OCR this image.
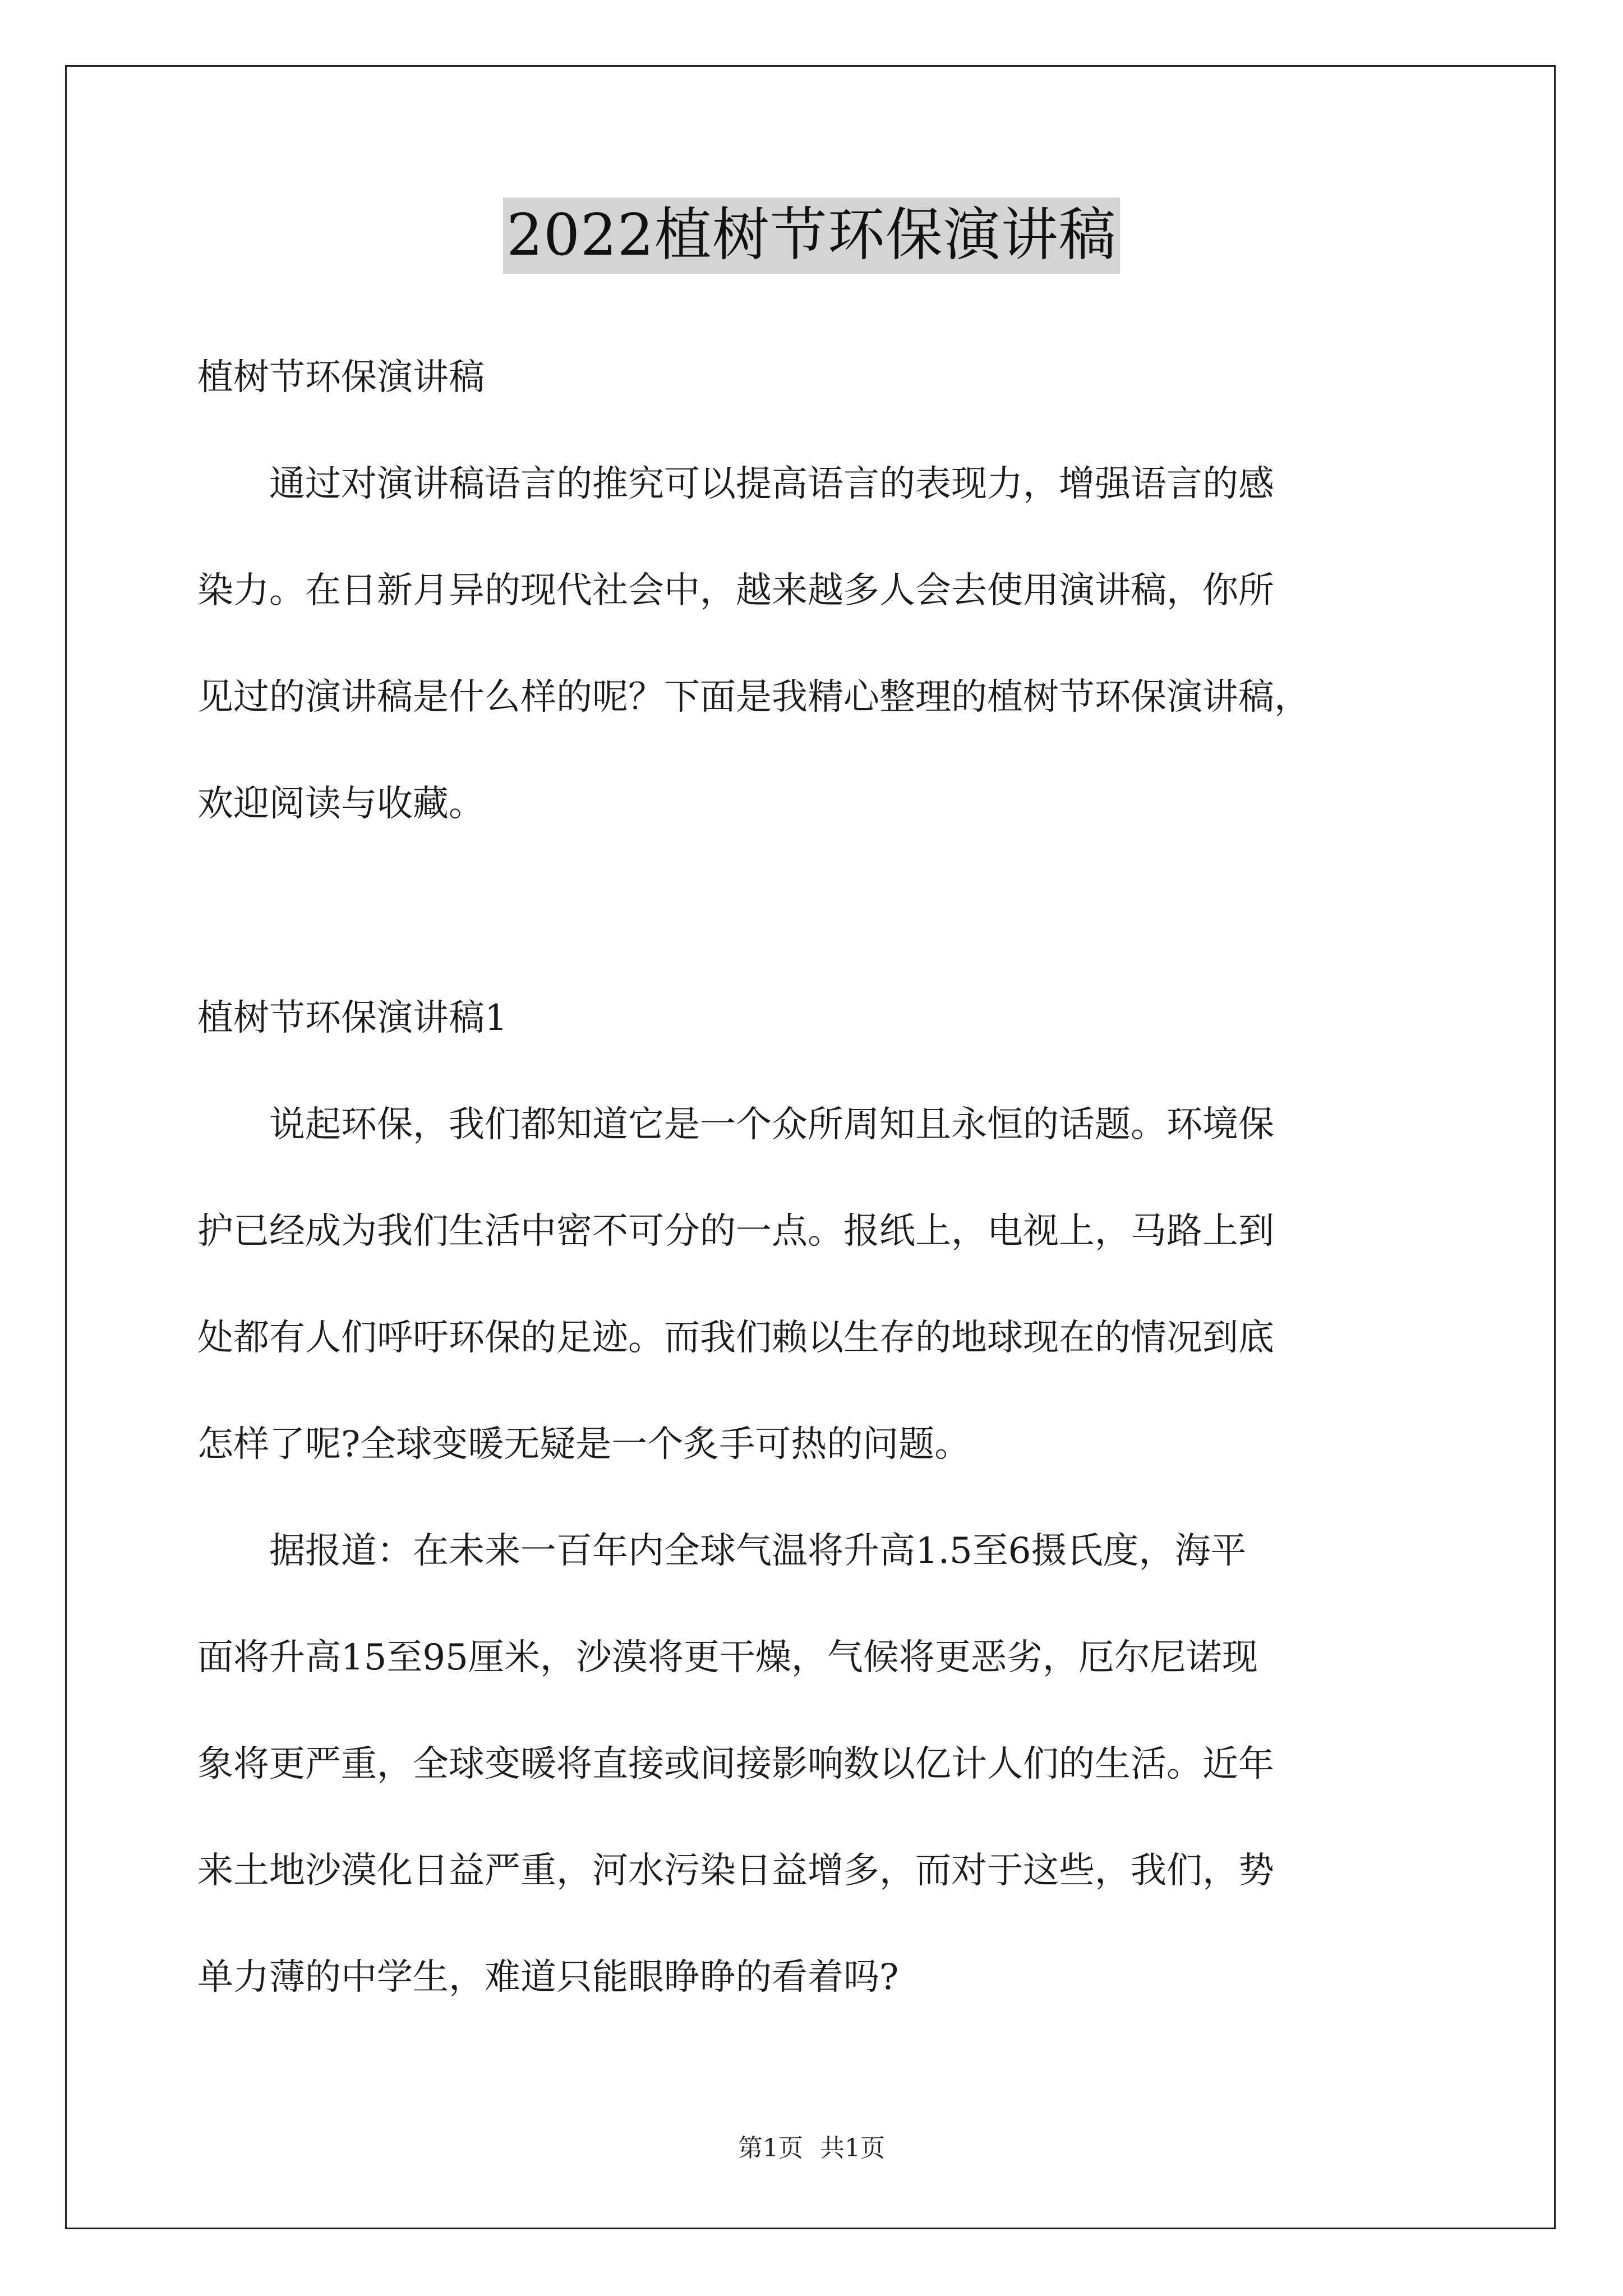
2022植树节环保演讲稿
植树节环保演讲稿
　　通过对演讲稿语言的推究可以提高语言的表现力，增强语言的感
染力。在日新月异的现代社会中，越来越多人会去使用演讲稿，你所
见过的演讲稿是什么样的呢？下面是我精心整理的植树节环保演讲稿，
欢迎阅读与收藏。
植树节环保演讲稿1
　　说起环保，我们都知道它是一个众所周知且永恒的话题。环境保
护已经成为我们生活中密不可分的一点。报纸上，电视上，马路上到
处都有人们呼吁环保的足迹。而我们赖以生存的地球现在的情况到底
怎样了呢?全球变暖无疑是一个炙手可热的问题。
　　据报道：在未来一百年内全球气温将升高1.5至6摄氏度，海平
面将升高15至95厘米，沙漠将更干燥，气候将更恶劣，厄尔尼诺现
象将更严重，全球变暖将直接或间接影响数以亿计人们的生活。近年
来土地沙漠化日益严重，河水污染日益增多，而对于这些，我们，势
单力薄的中学生，难道只能眼睁睁的看着吗?
第1页 共1页
